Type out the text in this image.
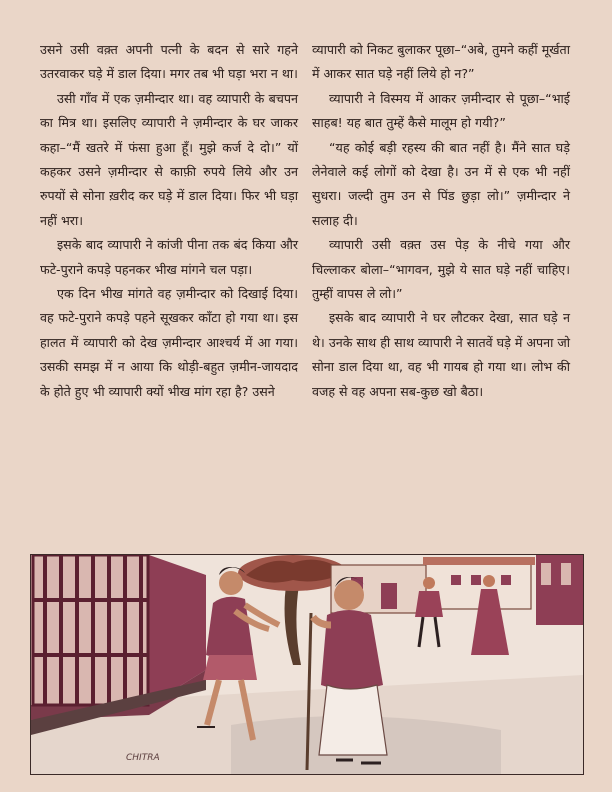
उसने उसी वक़्त अपनी पत्नी के बदन से सारे गहने उतरवाकर घड़े में डाल दिया। मगर तब भी घड़ा भरा न था।

उसी गाँव में एक ज़मीन्दार था। वह व्यापारी के बचपन का मित्र था। इसलिए व्यापारी ने ज़मीन्दार के घर जाकर कहा–“मैं खतरे में फंसा हुआ हूँ। मुझे कर्ज दे दो।” यों कहकर उसने ज़मीन्दार से काफ़ी रुपये लिये और उन रुपयों से सोना ख़रीद कर घड़े में डाल दिया। फिर भी घड़ा नहीं भरा।

इसके बाद व्यापारी ने कांजी पीना तक बंद किया और फटे-पुराने कपड़े पहनकर भीख मांगने चल पड़ा।

एक दिन भीख मांगते वह ज़मीन्दार को दिखाई दिया। वह फटे-पुराने कपड़े पहने सूखकर काँटा हो गया था। इस हालत में व्यापारी को देख ज़मीन्दार आश्चर्य में आ गया। उसकी समझ में न आया कि थोड़ी-बहुत ज़मीन-जायदाद के होते हुए भी व्यापारी क्यों भीख मांग रहा है? उसने

व्यापारी को निकट बुलाकर पूछा–“अबे, तुमने कहीं मूर्खता में आकर सात घड़े नहीं लिये हो न?”

व्यापारी ने विस्मय में आकर ज़मीन्दार से पूछा–“भाई साहब! यह बात तुम्हें कैसे मालूम हो गयी?”

“यह कोई बड़ी रहस्य की बात नहीं है। मैंने सात घड़े लेनेवाले कई लोगों को देखा है। उन में से एक भी नहीं सुधरा। जल्दी तुम उन से पिंड छुड़ा लो।” ज़मीन्दार ने सलाह दी।

व्यापारी उसी वक़्त उस पेड़ के नीचे गया और चिल्लाकर बोला–“भागवन, मुझे ये सात घड़े नहीं चाहिए। तुम्हीं वापस ले लो।”

इसके बाद व्यापारी ने घर लौटकर देखा, सात घड़े न थे। उनके साथ ही साथ व्यापारी ने सातवें घड़े में अपना जो सोना डाल दिया था, वह भी गायब हो गया था। लोभ की वजह से वह अपना सब-कुछ खो बैठा।

CHITRA
